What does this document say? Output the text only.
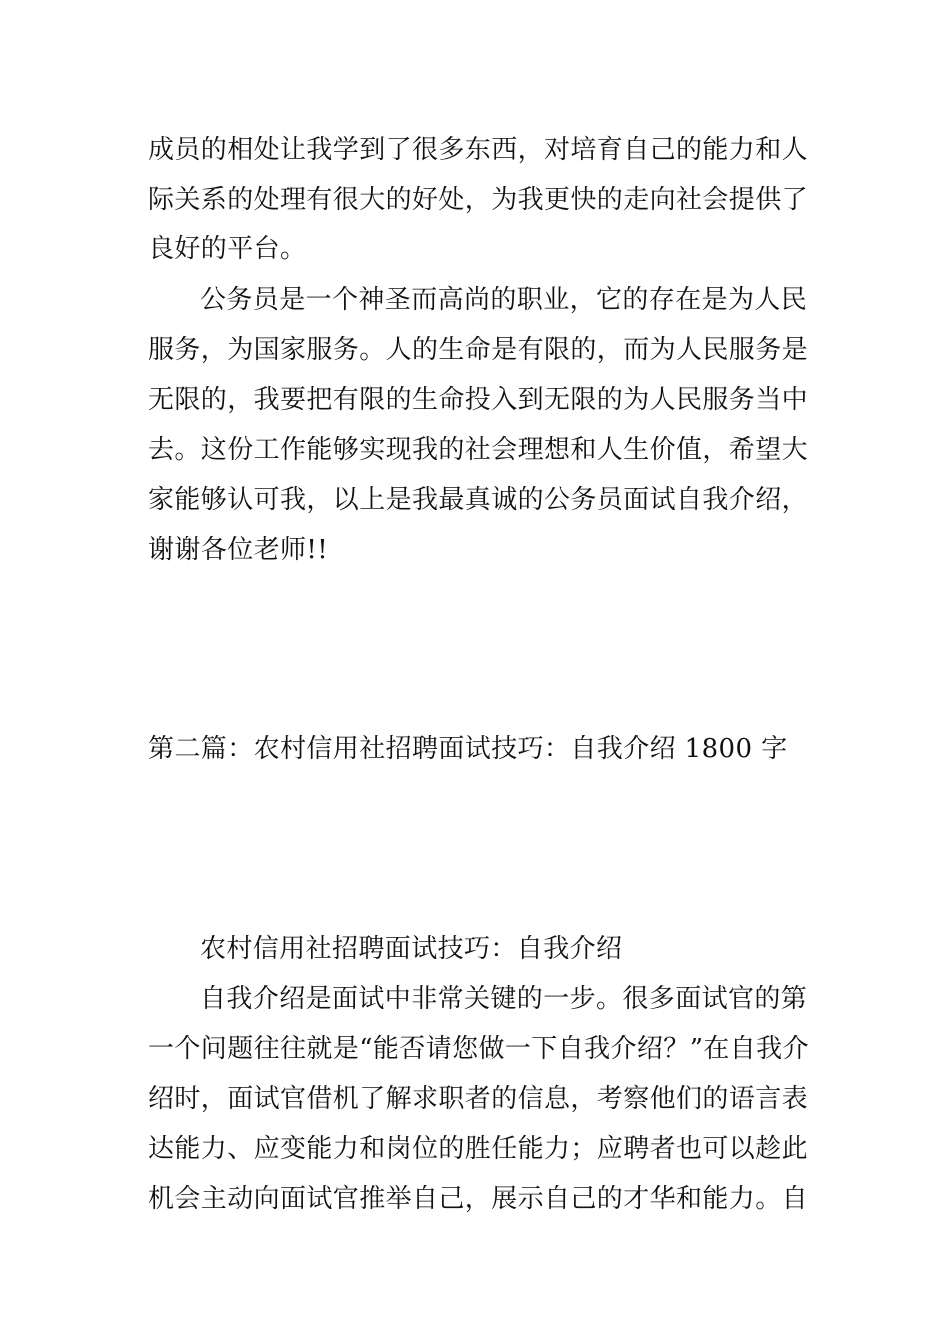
成员的相处让我学到了很多东西，对培育自己的能力和人
际关系的处理有很大的好处，为我更快的走向社会提供了
良好的平台。
公务员是一个神圣而高尚的职业，它的存在是为人民
服务，为国家服务。人的生命是有限的，而为人民服务是
无限的，我要把有限的生命投入到无限的为人民服务当中
去。这份工作能够实现我的社会理想和人生价值，希望大
家能够认可我，以上是我最真诚的公务员面试自我介绍，
谢谢各位老师!!
第二篇：农村信用社招聘面试技巧：自我介绍 1800 字
农村信用社招聘面试技巧：自我介绍
自我介绍是面试中非常关键的一步。很多面试官的第
一个问题往往就是“能否请您做一下自我介绍？”在自我介
绍时，面试官借机了解求职者的信息，考察他们的语言表
达能力、应变能力和岗位的胜任能力；应聘者也可以趁此
机会主动向面试官推举自己，展示自己的才华和能力。自
